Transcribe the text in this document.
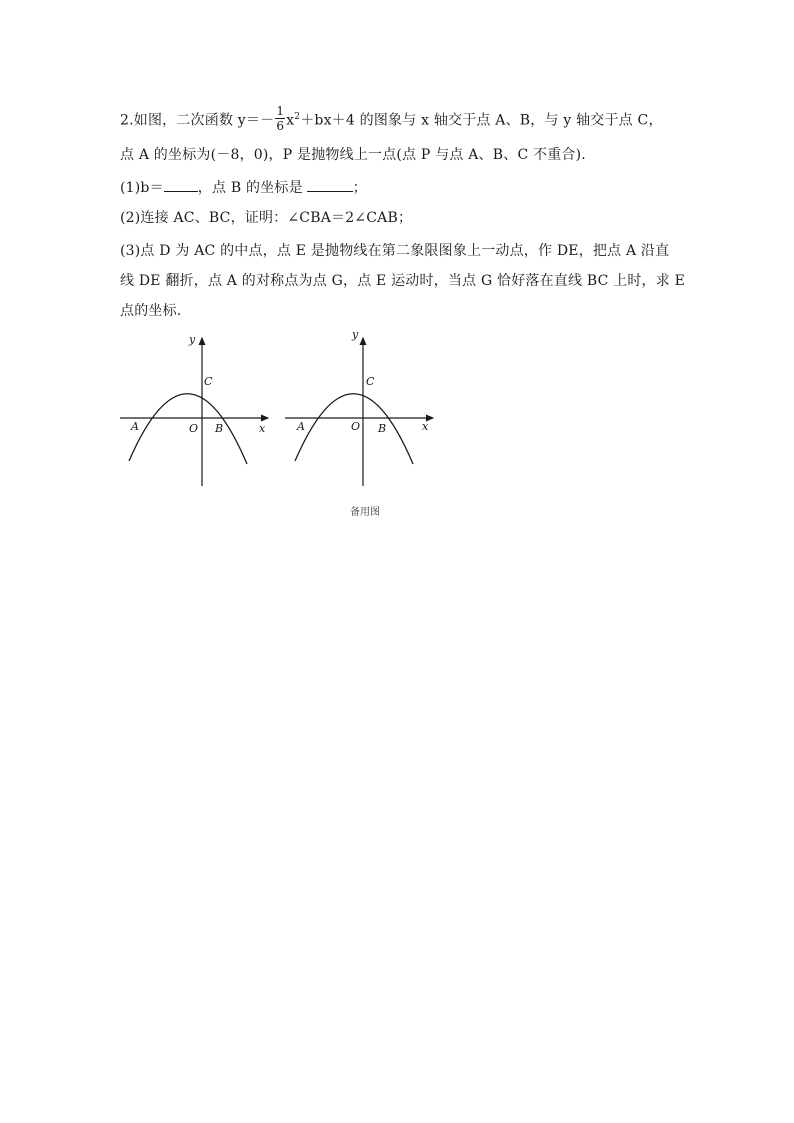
2.如图，二次函数 $y=- \frac{1}{6} x^2+bx+4$ 的图象与 x 轴交于点 A、B，与 y 轴交于点 C，
点 A 的坐标为(－8，0)，P 是抛物线上一点(点 P 与点 A、B、C 不重合).
(1)b＝ ，点 B 的坐标是	；
(2)连接 AC、BC，证明：∠CBA＝2∠CAB；
(3)点 D 为 AC 的中点，点 E 是抛物线在第二象限图象上一动点，作 DE，把点 A 沿直
线 DE 翻折，点 A 的对称点为点 G，点 E 运动时，当点 G 恰好落在直线 BC 上时，求 E
点的坐标.
y
x
A	O B
C
y
x
A	O B
C
备用图
